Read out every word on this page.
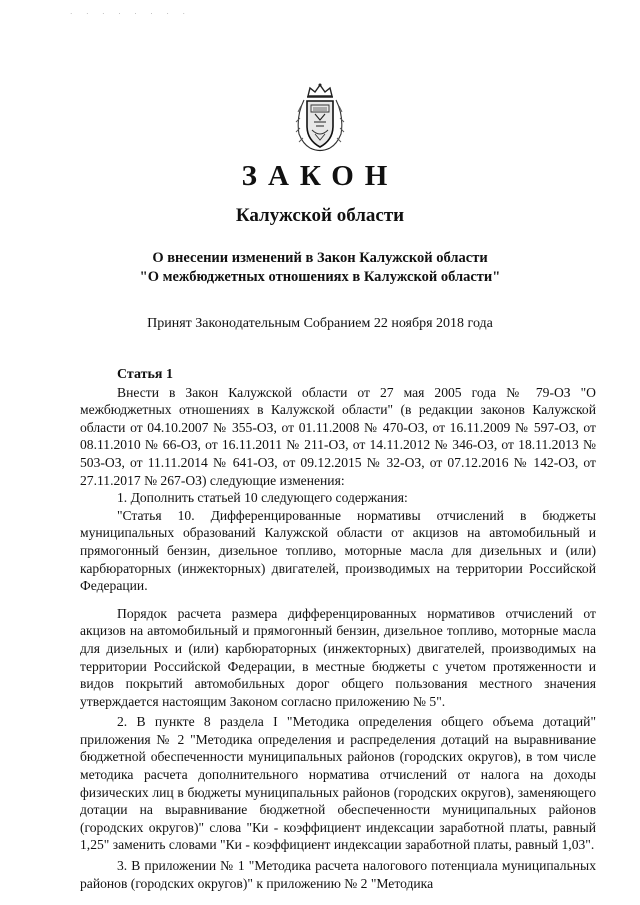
· · · · · · · ·
ЗАКОН
Калужской области
О внесении изменений в Закон Калужской области
"О межбюджетных отношениях в Калужской области"
Принят Законодательным Собранием 22 ноября 2018 года
Статья 1

Внести в Закон Калужской области от 27 мая 2005 года № 79-ОЗ "О межбюджетных отношениях в Калужской области" (в редакции законов Калужской области от 04.10.2007 № 355-ОЗ, от 01.11.2008 № 470-ОЗ, от 16.11.2009 № 597-ОЗ, от 08.11.2010 № 66-ОЗ, от 16.11.2011 № 211-ОЗ, от 14.11.2012 № 346-ОЗ, от 18.11.2013 № 503-ОЗ, от 11.11.2014 № 641-ОЗ, от 09.12.2015 № 32-ОЗ, от 07.12.2016 № 142-ОЗ, от 27.11.2017 № 267-ОЗ) следующие изменения:

1. Дополнить статьей 10 следующего содержания:

"Статья 10. Дифференцированные нормативы отчислений в бюджеты муниципальных образований Калужской области от акцизов на автомобильный и прямогонный бензин, дизельное топливо, моторные масла для дизельных и (или) карбюраторных (инжекторных) двигателей, производимых на территории Российской Федерации.

Порядок расчета размера дифференцированных нормативов отчислений от акцизов на автомобильный и прямогонный бензин, дизельное топливо, моторные масла для дизельных и (или) карбюраторных (инжекторных) двигателей, производимых на территории Российской Федерации, в местные бюджеты с учетом протяженности и видов покрытий автомобильных дорог общего пользования местного значения утверждается настоящим Законом согласно приложению № 5".

2. В пункте 8 раздела I "Методика определения общего объема дотаций" приложения № 2 "Методика определения и распределения дотаций на выравнивание бюджетной обеспеченности муниципальных районов (городских округов), в том числе методика расчета дополнительного норматива отчислений от налога на доходы физических лиц в бюджеты муниципальных районов (городских округов), заменяющего дотации на выравнивание бюджетной обеспеченности муниципальных районов (городских округов)" слова "Ки - коэффициент индексации заработной платы, равный 1,25" заменить словами "Ки - коэффициент индексации заработной платы, равный 1,03".

3. В приложении № 1 "Методика расчета налогового потенциала муниципальных районов (городских округов)" к приложению № 2 "Методика
